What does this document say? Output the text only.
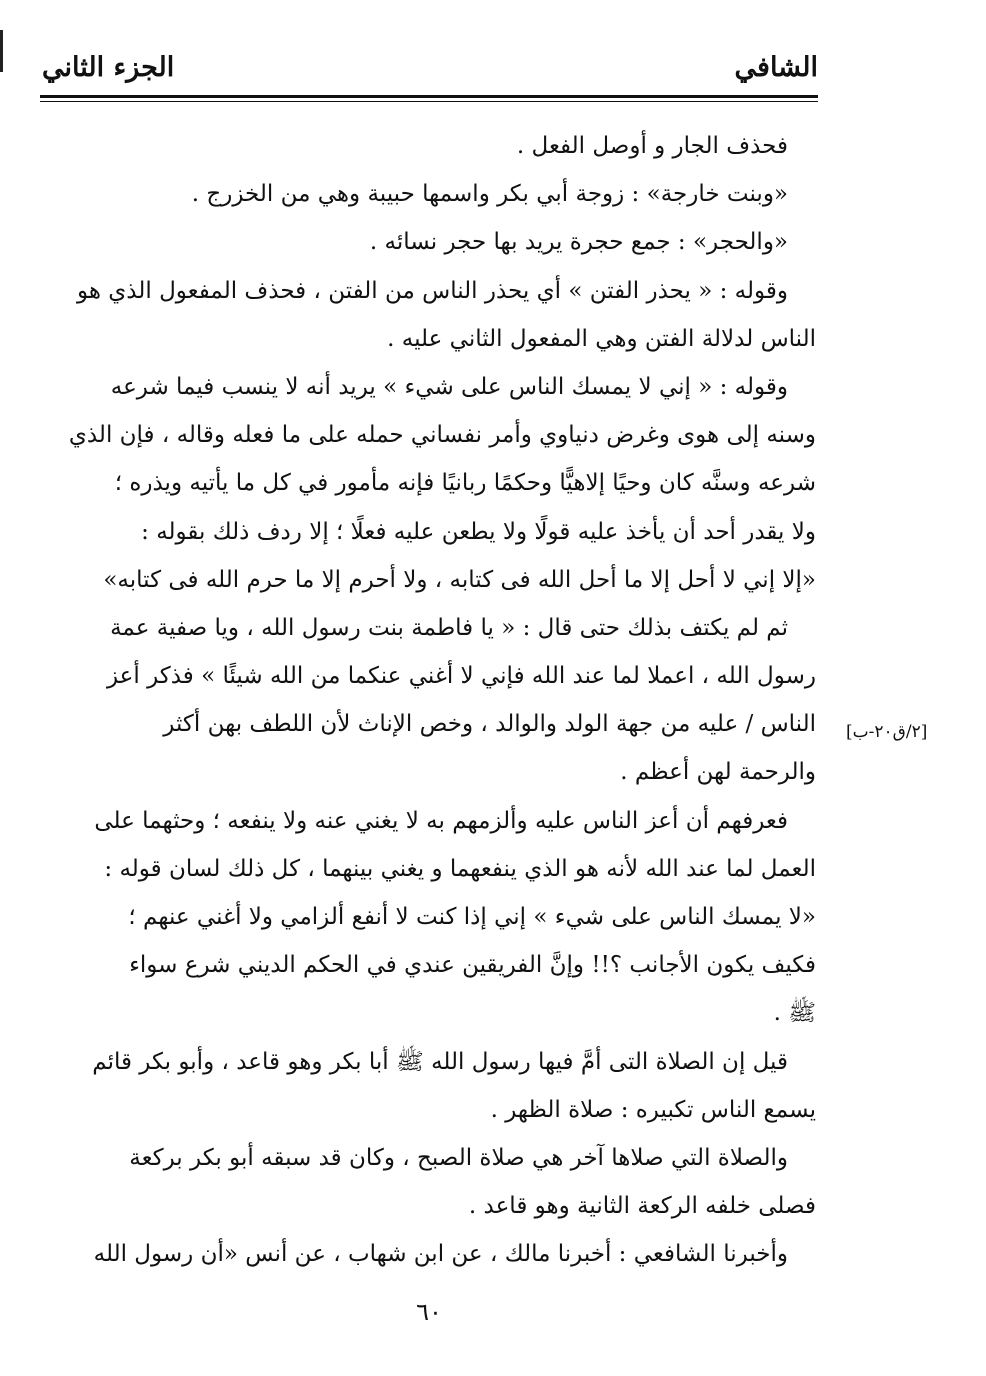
الشافي
الجزء الثاني
فحذف الجار و أوصل الفعل .
«وبنت خارجة» : زوجة أبي بكر واسمها حبيبة وهي من الخزرج .
«والحجر» : جمع حجرة يريد بها حجر نسائه .
وقوله : « يحذر الفتن » أي يحذر الناس من الفتن ، فحذف المفعول الذي هو
الناس لدلالة الفتن وهي المفعول الثاني عليه .
وقوله : « إني لا يمسك الناس على شيء » يريد أنه لا ينسب فيما شرعه
وسنه إلى هوى وغرض دنياوي وأمر نفساني حمله على ما فعله وقاله ، فإن الذي
شرعه وسنَّه كان وحيًا إلاهيًّا وحكمًا ربانيًا فإنه مأمور في كل ما يأتيه ويذره ؛
ولا يقدر أحد أن يأخذ عليه قولًا ولا يطعن عليه فعلًا ؛ إلا ردف ذلك بقوله :
«إلا إني لا أحل إلا ما أحل الله فى كتابه ، ولا أحرم إلا ما حرم الله فى كتابه»
ثم لم يكتف بذلك حتى قال : « يا فاطمة بنت رسول الله ، ويا صفية عمة
رسول الله ، اعملا لما عند الله فإني لا أغني عنكما من الله شيئًا » فذكر أعز
الناس / عليه من جهة الولد والوالد ، وخص الإناث لأن اللطف بهن أكثر
والرحمة لهن أعظم .
فعرفهم أن أعز الناس عليه وألزمهم به لا يغني عنه ولا ينفعه ؛ وحثهما على
العمل لما عند الله لأنه هو الذي ينفعهما و يغني بينهما ، كل ذلك لسان قوله :
«لا يمسك الناس على شيء » إني إذا كنت لا أنفع ألزامي ولا أغني عنهم ؛
فكيف يكون الأجانب ؟!! وإنَّ الفريقين عندي في الحكم الديني شرع سواء
ﷺ .
قيل إن الصلاة التى أمَّ فيها رسول الله ﷺ أبا بكر وهو قاعد ، وأبو بكر قائم
يسمع الناس تكبيره : صلاة الظهر .
والصلاة التي صلاها آخر هي صلاة الصبح ، وكان قد سبقه أبو بكر بركعة
فصلى خلفه الركعة الثانية وهو قاعد .
وأخبرنا الشافعي : أخبرنا مالك ، عن ابن شهاب ، عن أنس «أن رسول الله
[٢/ق٢٠-ب]
٦٠
